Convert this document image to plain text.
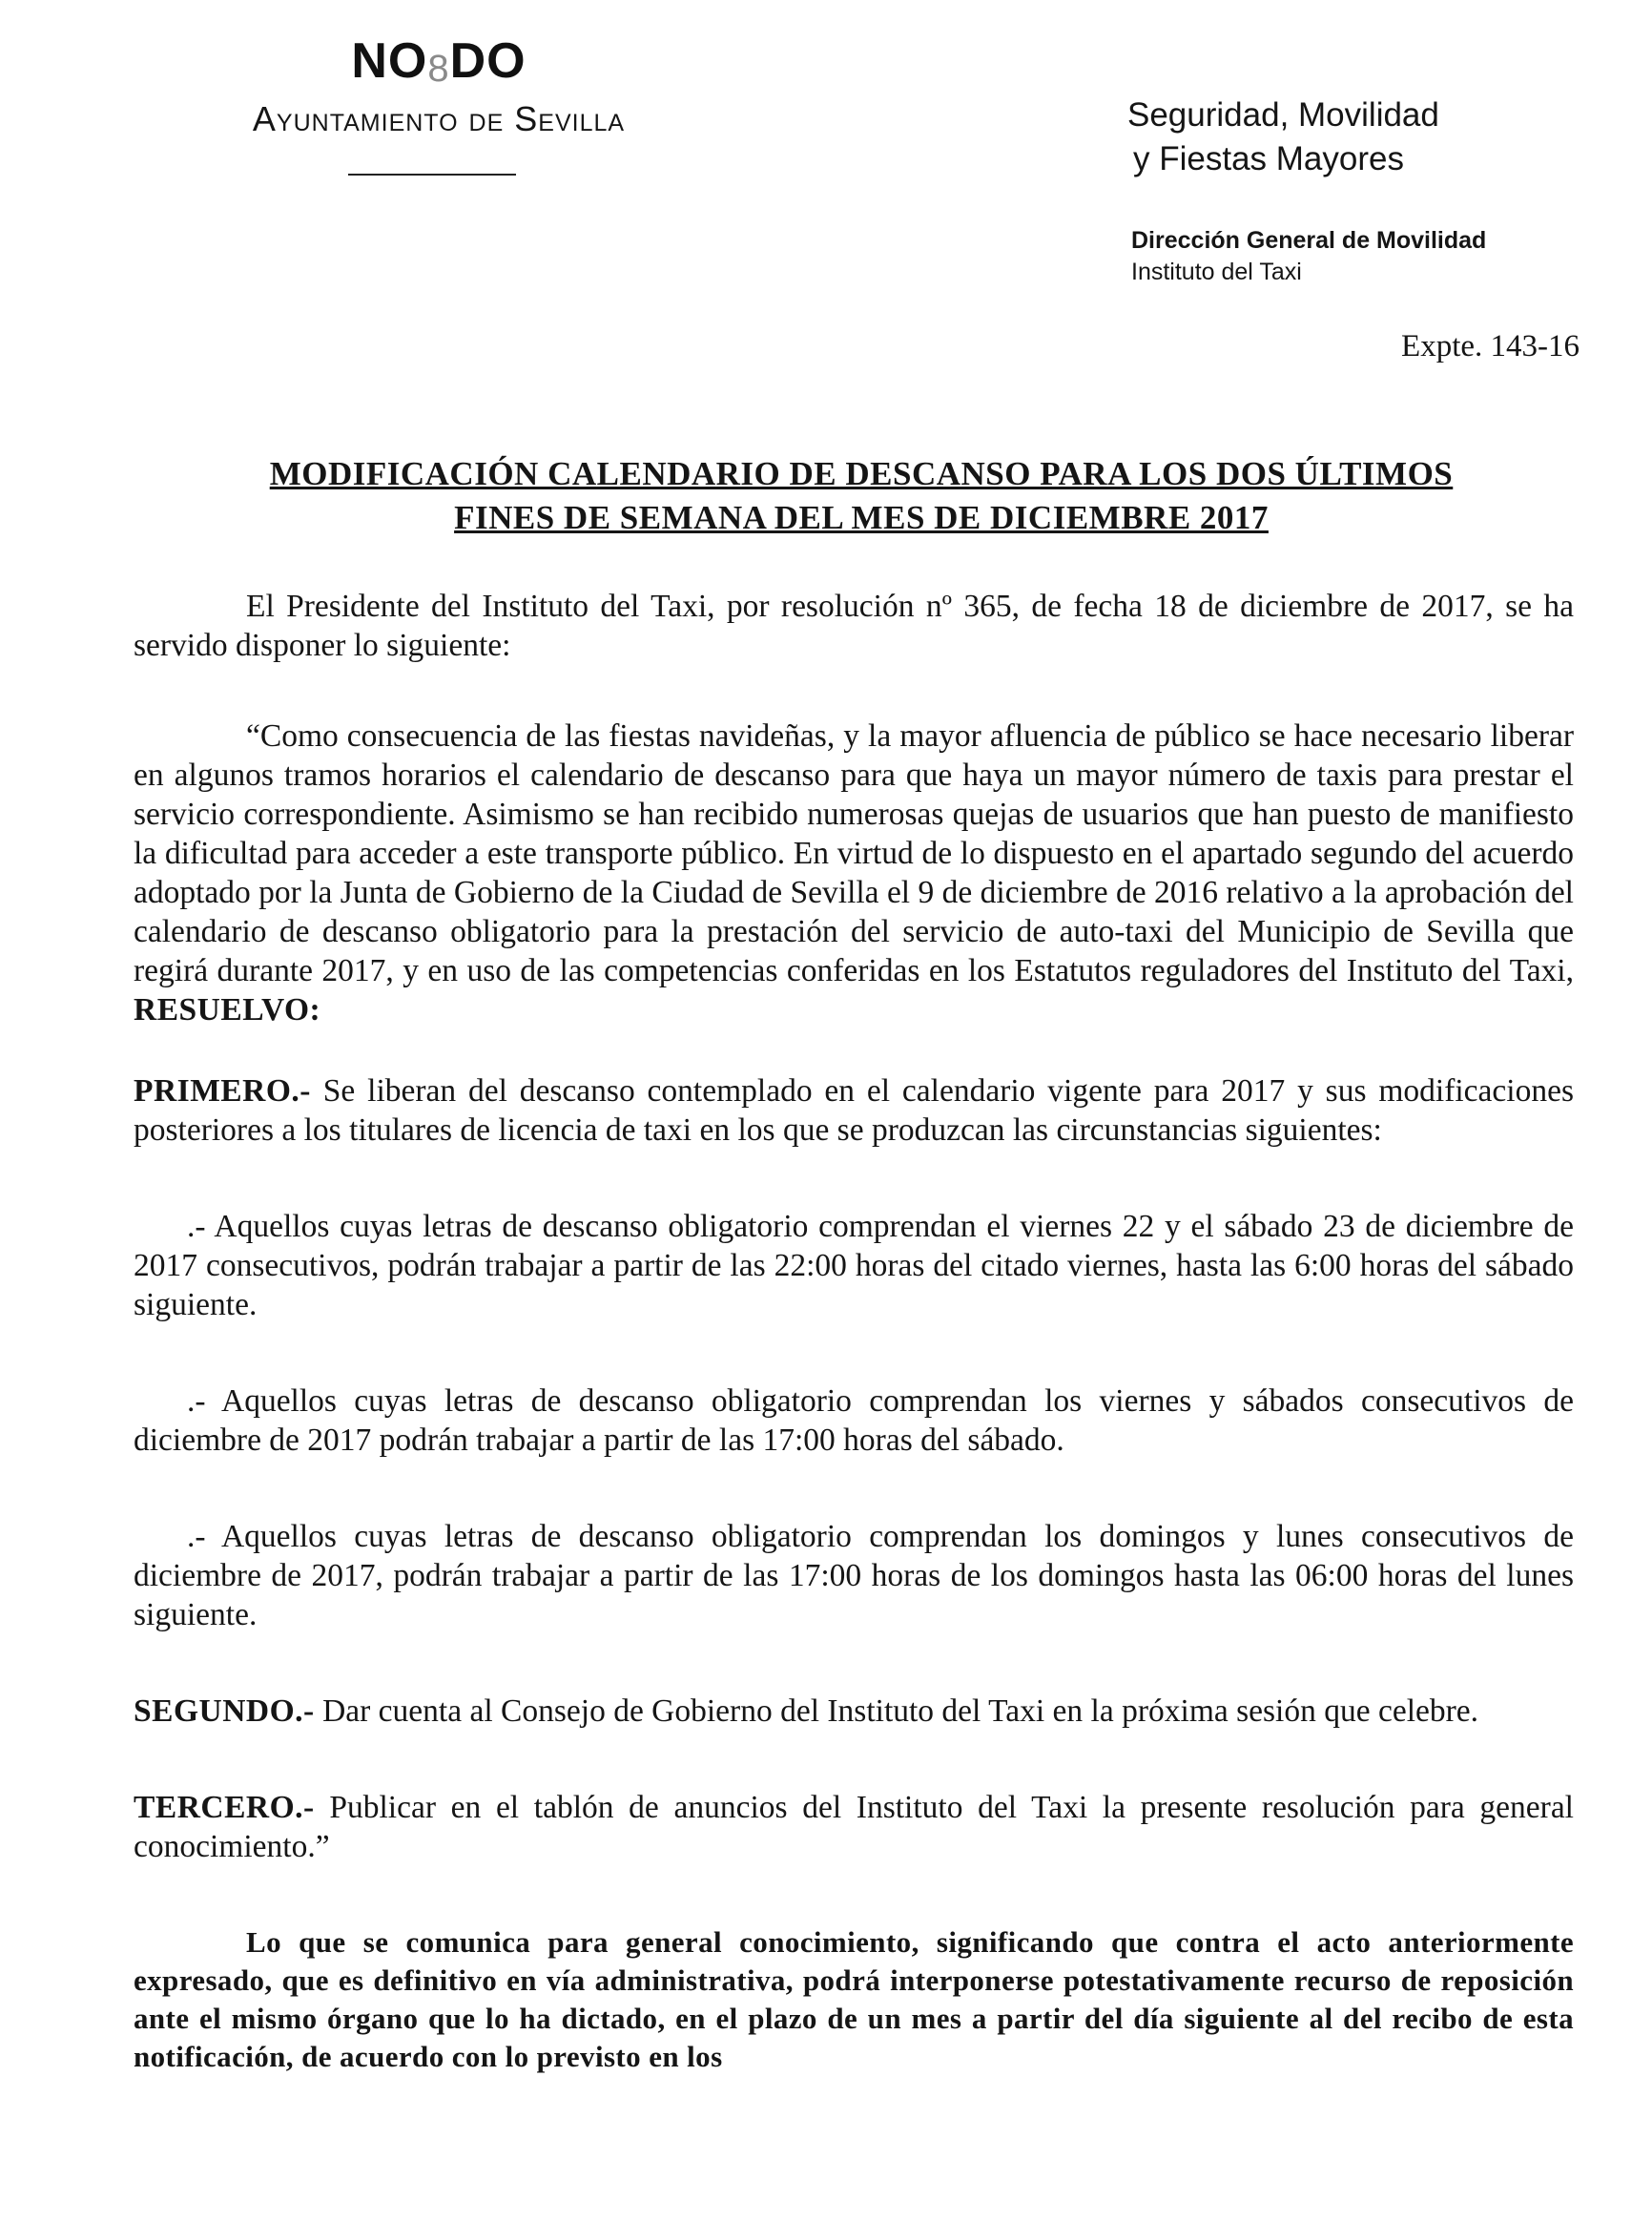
NO8DO
Ayuntamiento de Sevilla	Seguridad, Movilidad
y Fiestas Mayores
Dirección General de Movilidad
Instituto del Taxi
Expte. 143-16
MODIFICACIÓN CALENDARIO DE DESCANSO PARA LOS DOS ÚLTIMOS
FINES DE SEMANA DEL MES DE DICIEMBRE 2017

El Presidente del Instituto del Taxi, por resolución nº 365, de fecha 18 de diciembre de 2017, se ha servido disponer lo siguiente:

“Como consecuencia de las fiestas navideñas, y la mayor afluencia de público se hace necesario liberar en algunos tramos horarios el calendario de descanso para que haya un mayor número de taxis para prestar el servicio correspondiente. Asimismo se han recibido numerosas quejas de usuarios que han puesto de manifiesto la dificultad para acceder a este transporte público. En virtud de lo dispuesto en el apartado segundo del acuerdo adoptado por la Junta de Gobierno de la Ciudad de Sevilla el 9 de diciembre de 2016 relativo a la aprobación del calendario de descanso obligatorio para la prestación del servicio de auto-taxi del Municipio de Sevilla que regirá durante 2017, y en uso de las competencias conferidas en los Estatutos reguladores del Instituto del Taxi, RESUELVO:

PRIMERO.- Se liberan del descanso contemplado en el calendario vigente para 2017 y sus modificaciones posteriores a los titulares de licencia de taxi en los que se produzcan las circunstancias siguientes:

.- Aquellos cuyas letras de descanso obligatorio comprendan el viernes 22 y el sábado 23 de diciembre de 2017 consecutivos, podrán trabajar a partir de las 22:00 horas del citado viernes, hasta las 6:00 horas del sábado siguiente.

.- Aquellos cuyas letras de descanso obligatorio comprendan los viernes y sábados consecutivos de diciembre de 2017 podrán trabajar a partir de las 17:00 horas del sábado.

.- Aquellos cuyas letras de descanso obligatorio comprendan los domingos y lunes consecutivos de diciembre de 2017, podrán trabajar a partir de las 17:00 horas de los domingos hasta las 06:00 horas del lunes siguiente.

SEGUNDO.- Dar cuenta al Consejo de Gobierno del Instituto del Taxi en la próxima sesión que celebre.

TERCERO.- Publicar en el tablón de anuncios del Instituto del Taxi la presente resolución para general conocimiento.”

Lo que se comunica para general conocimiento, significando que contra el acto anteriormente expresado, que es definitivo en vía administrativa, podrá interponerse potestativamente recurso de reposición ante el mismo órgano que lo ha dictado, en el plazo de un mes a partir del día siguiente al del recibo de esta notificación, de acuerdo con lo previsto en los
